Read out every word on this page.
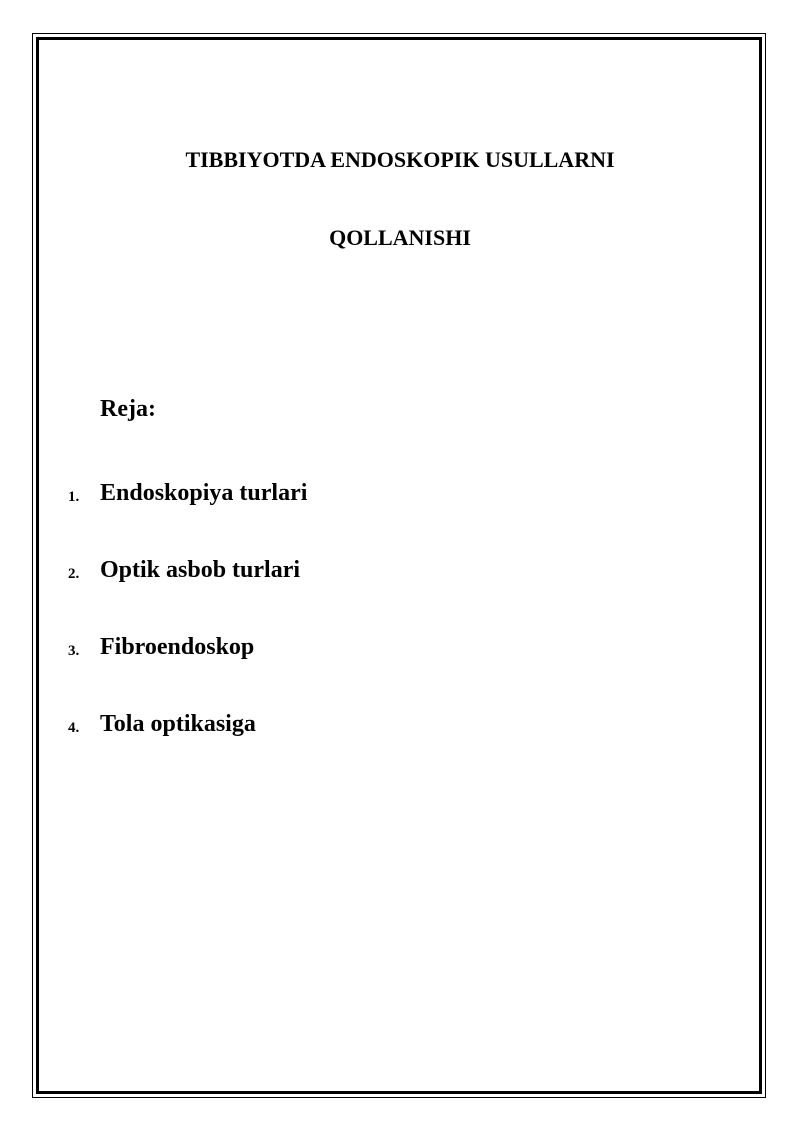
TIBBIYOTDA ENDOSKOPIK USULLARNI
QOLLANISHI
Reja:
1. Endoskopiya turlari
2. Optik asbob turlari
3. Fibroendoskop
4. Tola optikasiga
